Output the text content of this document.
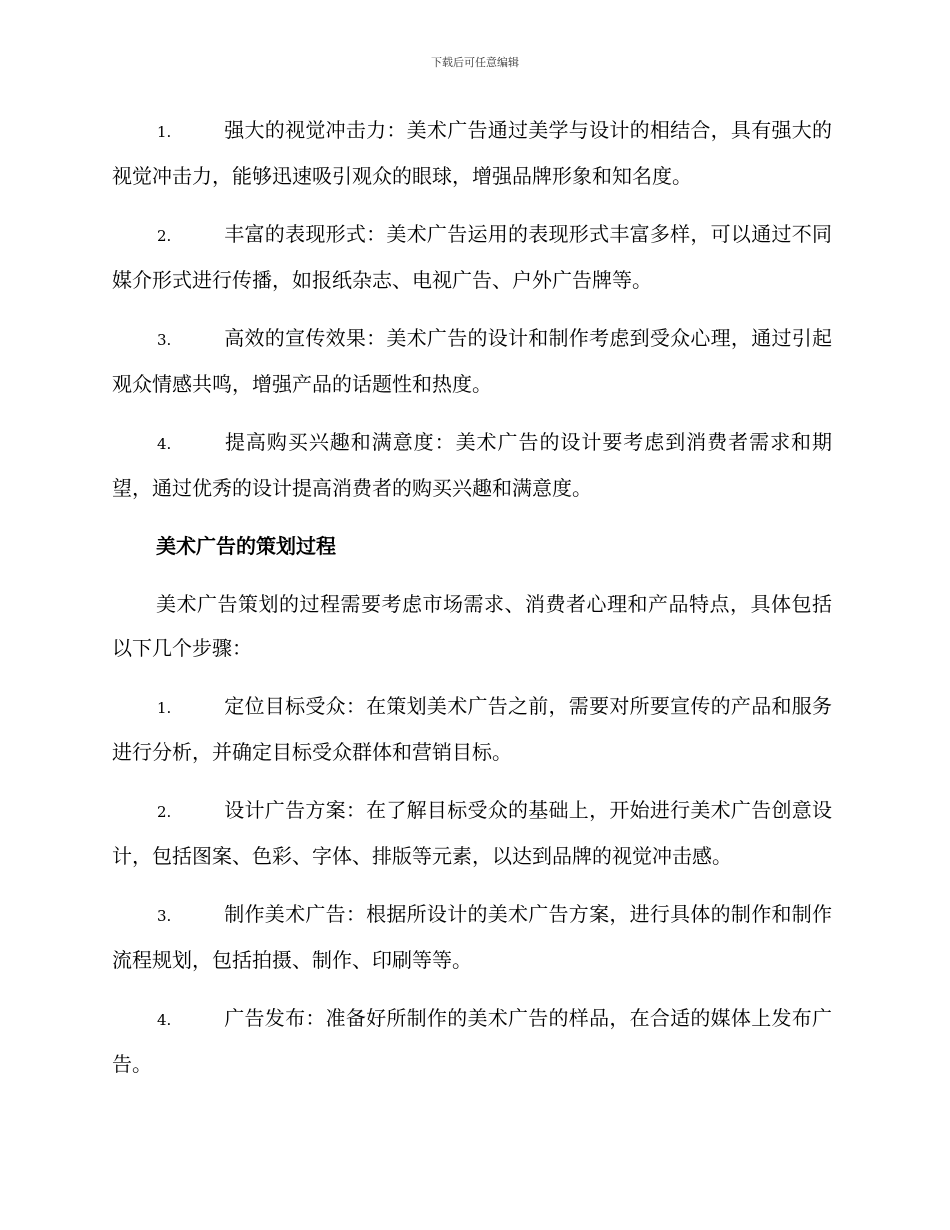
下载后可任意编辑
1.	强大的视觉冲击力：美术广告通过美学与设计的相结合，具有强大的视觉冲击力，能够迅速吸引观众的眼球，增强品牌形象和知名度。
2.	丰富的表现形式：美术广告运用的表现形式丰富多样，可以通过不同媒介形式进行传播，如报纸杂志、电视广告、户外广告牌等。
3.	高效的宣传效果：美术广告的设计和制作考虑到受众心理，通过引起观众情感共鸣，增强产品的话题性和热度。
4.	提高购买兴趣和满意度：美术广告的设计要考虑到消费者需求和期望，通过优秀的设计提高消费者的购买兴趣和满意度。
美术广告的策划过程
美术广告策划的过程需要考虑市场需求、消费者心理和产品特点，具体包括以下几个步骤：
1.	定位目标受众：在策划美术广告之前，需要对所要宣传的产品和服务进行分析，并确定目标受众群体和营销目标。
2.	设计广告方案：在了解目标受众的基础上，开始进行美术广告创意设计，包括图案、色彩、字体、排版等元素，以达到品牌的视觉冲击感。
3.	制作美术广告：根据所设计的美术广告方案，进行具体的制作和制作流程规划，包括拍摄、制作、印刷等等。
4.	广告发布：准备好所制作的美术广告的样品，在合适的媒体上发布广告。
